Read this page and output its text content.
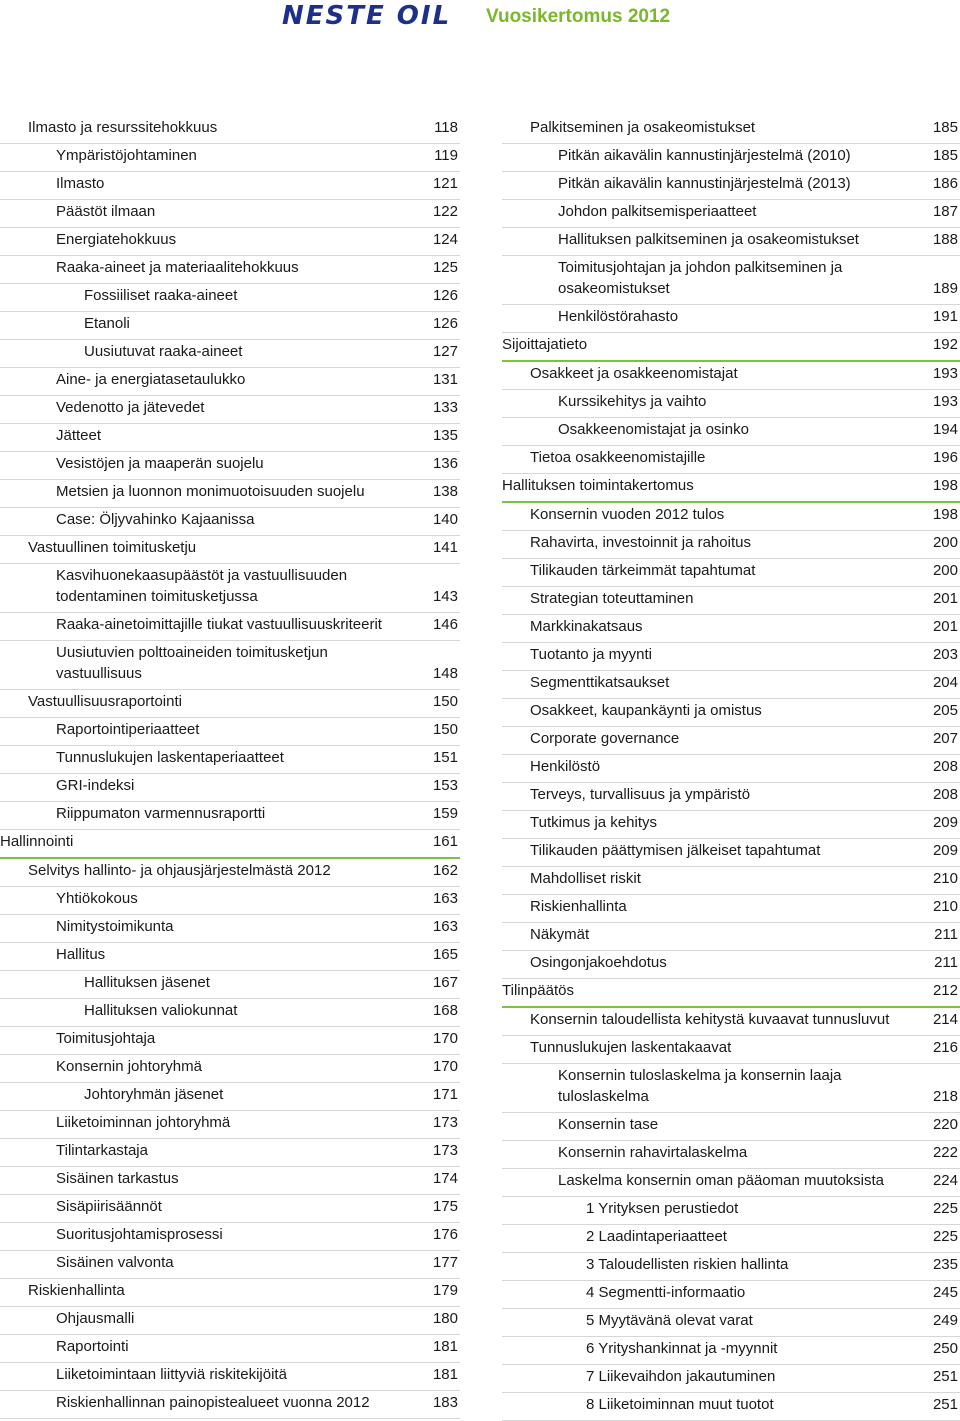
NESTE OIL Vuosikertomus 2012
Ilmasto ja resurssitehokkuus	118
Ympäristöjohtaminen	119
Ilmasto	121
Päästöt ilmaan	122
Energiatehokkuus	124
Raaka-aineet ja materiaalitehokkuus	125
Fossiiliset raaka-aineet	126
Etanoli	126
Uusiutuvat raaka-aineet	127
Aine- ja energiatasetaulukko	131
Vedenotto ja jätevedet	133
Jätteet	135
Vesistöjen ja maaperän suojelu	136
Metsien ja luonnon monimuotoisuuden suojelu	138
Case: Öljyvahinko Kajaanissa	140
Vastuullinen toimitusketju	141
Kasvihuonekaasupäästöt ja vastuullisuuden todentaminen toimitusketjussa	143
Raaka-ainetoimittajille tiukat vastuullisuuskriteerit	146
Uusiutuvien polttoaineiden toimitusketjun vastuullisuus	148
Vastuullisuusraportointi	150
Raportointiperiaatteet	150
Tunnuslukujen laskentaperiaatteet	151
GRI-indeksi	153
Riippumaton varmennusraportti	159
Hallinnointi	161
Selvitys hallinto- ja ohjausjärjestelmästä 2012	162
Yhtiökokous	163
Nimitystoimikunta	163
Hallitus	165
Hallituksen jäsenet	167
Hallituksen valiokunnat	168
Toimitusjohtaja	170
Konsernin johtoryhmä	170
Johtoryhmän jäsenet	171
Liiketoiminnan johtoryhmä	173
Tilintarkastaja	173
Sisäinen tarkastus	174
Sisäpiirisäännöt	175
Suoritusjohtamisprosessi	176
Sisäinen valvonta	177
Riskienhallinta	179
Ohjausmalli	180
Raportointi	181
Liiketoimintaan liittyviä riskitekijöitä	181
Riskienhallinnan painopistealueet vuonna 2012	183
Palkitseminen ja osakeomistukset	185
Pitkän aikavälin kannustinjärjestelmä (2010)	185
Pitkän aikavälin kannustinjärjestelmä (2013)	186
Johdon palkitsemisperiaatteet	187
Hallituksen palkitseminen ja osakeomistukset	188
Toimitusjohtajan ja johdon palkitseminen ja osakeomistukset	189
Henkilöstörahasto	191
Sijoittajatieto	192
Osakkeet ja osakkeenomistajat	193
Kurssikehitys ja vaihto	193
Osakkeenomistajat ja osinko	194
Tietoa osakkeenomistajille	196
Hallituksen toimintakertomus	198
Konsernin vuoden 2012 tulos	198
Rahavirta, investoinnit ja rahoitus	200
Tilikauden tärkeimmät tapahtumat	200
Strategian toteuttaminen	201
Markkinakatsaus	201
Tuotanto ja myynti	203
Segmenttikatsaukset	204
Osakkeet, kaupankäynti ja omistus	205
Corporate governance	207
Henkilöstö	208
Terveys, turvallisuus ja ympäristö	208
Tutkimus ja kehitys	209
Tilikauden päättymisen jälkeiset tapahtumat	209
Mahdolliset riskit	210
Riskienhallinta	210
Näkymät	211
Osingonjakoehdotus	211
Tilinpäätös	212
Konsernin taloudellista kehitystä kuvaavat tunnusluvut	214
Tunnuslukujen laskentakaavat	216
Konsernin tuloslaskelma ja konsernin laaja tuloslaskelma	218
Konsernin tase	220
Konsernin rahavirtalaskelma	222
Laskelma konsernin oman pääoman muutoksista	224
1 Yrityksen perustiedot	225
2 Laadintaperiaatteet	225
3 Taloudellisten riskien hallinta	235
4 Segmentti-informaatio	245
5 Myytävänä olevat varat	249
6 Yrityshankinnat ja -myynnit	250
7 Liikevaihdon jakautuminen	251
8 Liiketoiminnan muut tuotot	251
